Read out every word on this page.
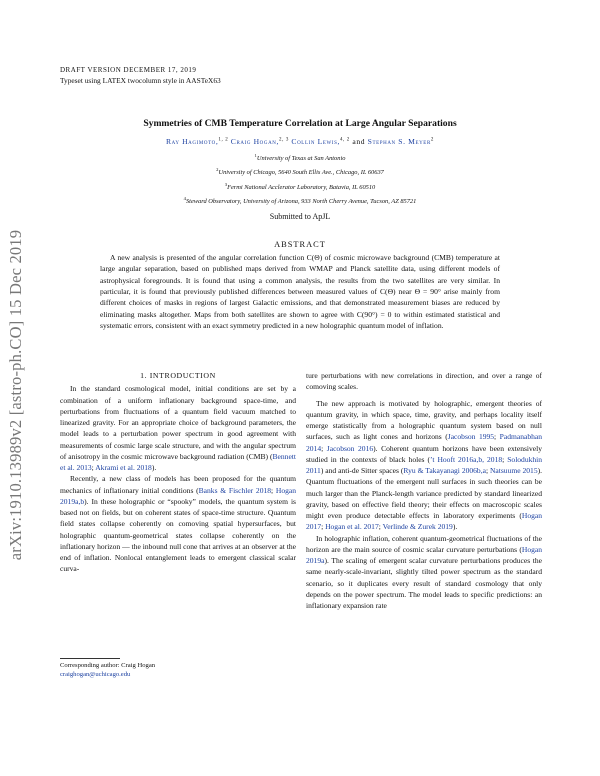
arXiv:1910.13989v2 [astro-ph.CO] 15 Dec 2019
DRAFT VERSION DECEMBER 17, 2019
Typeset using LATEX twocolumn style in AASTeX63
Symmetries of CMB Temperature Correlation at Large Angular Separations
Ray Hagimoto,$^{1, 2}$ Craig Hogan,$^{2, 3}$ Collin Lewis,$^{4, 2}$ and Stephan S. Meyer$^2$
$^1$University of Texas at San Antonio
$^2$University of Chicago, 5640 South Ellis Ave., Chicago, IL 60637
$^3$Fermi National Acclerator Laboratory, Batavia, IL 60510
$^4$Steward Observatory, University of Arizona, 933 North Cherry Avenue, Tucson, AZ 85721
Submitted to ApJL
ABSTRACT

A new analysis is presented of the angular correlation function C(Θ) of cosmic microwave background (CMB) temperature at large angular separation, based on published maps derived from WMAP and Planck satellite data, using different models of astrophysical foregrounds. It is found that using a common analysis, the results from the two satellites are very similar. In particular, it is found that previously published differences between measured values of C(Θ) near Θ = 90° arise mainly from different choices of masks in regions of largest Galactic emissions, and that demonstrated measurement biases are reduced by eliminating masks altogether. Maps from both satellites are shown to agree with C(90°) = 0 to within estimated statistical and systematic errors, consistent with an exact symmetry predicted in a new holographic quantum model of inflation.

1. INTRODUCTION

In the standard cosmological model, initial conditions are set by a combination of a uniform inflationary background space-time, and perturbations from fluctuations of a quantum field vacuum matched to linearized gravity. For an appropriate choice of background parameters, the model leads to a perturbation power spectrum in good agreement with measurements of cosmic large scale structure, and with the angular spectrum of anisotropy in the cosmic microwave background radiation (CMB) (Bennett et al. 2013; Akrami et al. 2018).

Recently, a new class of models has been proposed for the quantum mechanics of inflationary initial conditions (Banks & Fischler 2018; Hogan 2019a,b). In these holographic or “spooky” models, the quantum system is based not on fields, but on coherent states of space-time structure. Quantum field states collapse coherently on comoving spatial hypersurfaces, but holographic quantum-geometrical states collapse coherently on the inflationary horizon — the inbound null cone that arrives at an observer at the end of inflation. Nonlocal entanglement leads to emergent classical scalar curva-

ture perturbations with new correlations in direction, and over a range of comoving scales.

The new approach is motivated by holographic, emergent theories of quantum gravity, in which space, time, gravity, and perhaps locality itself emerge statistically from a holographic quantum system based on null surfaces, such as light cones and horizons (Jacobson 1995; Padmanabhan 2014; Jacobson 2016). Coherent quantum horizons have been extensively studied in the contexts of black holes (’t Hooft 2016a,b, 2018; Solodukhin 2011) and anti-de Sitter spaces (Ryu & Takayanagi 2006b,a; Natsuume 2015). Quantum fluctuations of the emergent null surfaces in such theories can be much larger than the Planck-length variance predicted by standard linearized gravity, based on effective field theory; their effects on macroscopic scales might even produce detectable effects in laboratory experiments (Hogan 2017; Hogan et al. 2017; Verlinde & Zurek 2019).

In holographic inflation, coherent quantum-geometrical fluctuations of the horizon are the main source of cosmic scalar curvature perturbations (Hogan 2019a). The scaling of emergent scalar curvature perturbations produces the same nearly-scale-invariant, slightly tilted power spectrum as the standard scenario, so it duplicates every result of standard cosmology that only depends on the power spectrum. The model leads to specific predictions: an inflationary expansion rate

Corresponding author: Craig Hogan
craighogan@uchicago.edu
